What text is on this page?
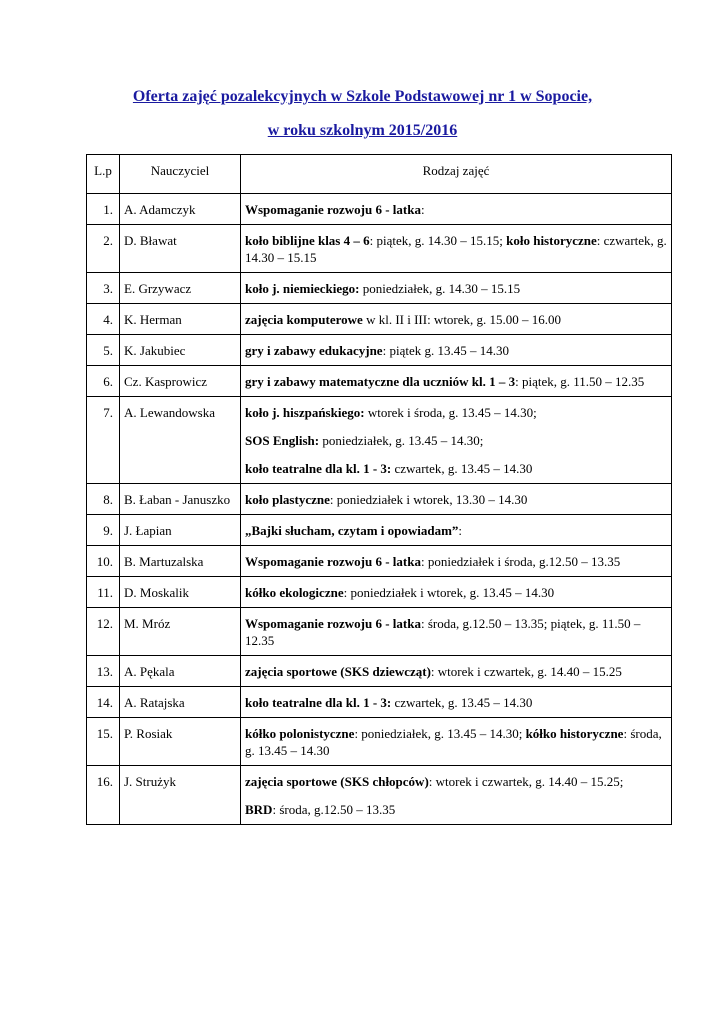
Oferta zajęć pozalekcyjnych w Szkole Podstawowej nr 1 w Sopocie,
w roku szkolnym 2015/2016
L.p	Nauczyciel	Rodzaj zajęć
1.	A. Adamczyk	Wspomaganie rozwoju 6 - latka:

2.	D. Bławat	koło biblijne klas 4 – 6: piątek, g. 14.30 – 15.15; koło historyczne: czwartek, g. 14.30 – 15.15

3.	E. Grzywacz	koło j. niemieckiego: poniedziałek, g. 14.30 – 15.15

4.	K. Herman	zajęcia komputerowe w kl. II i III: wtorek, g. 15.00 – 16.00

5.	K. Jakubiec	gry i zabawy edukacyjne: piątek g. 13.45 – 14.30

6.	Cz. Kasprowicz	gry i zabawy matematyczne dla uczniów kl. 1 – 3: piątek, g. 11.50 – 12.35

7.	A. Lewandowska	koło j. hiszpańskiego: wtorek i środa, g. 13.45 – 14.30;
SOS English: poniedziałek, g. 13.45 – 14.30;
koło teatralne dla kl. 1 - 3: czwartek, g. 13.45 – 14.30

8.	B. Łaban - Januszko	koło plastyczne: poniedziałek i wtorek, 13.30 – 14.30

9.	J. Łapian	„Bajki słucham, czytam i opowiadam”:

10.	B. Martuzalska	Wspomaganie rozwoju 6 - latka: poniedziałek i środa, g.12.50 – 13.35

11.	D. Moskalik	kółko ekologiczne: poniedziałek i wtorek, g. 13.45 – 14.30

12.	M. Mróz	Wspomaganie rozwoju 6 - latka: środa, g.12.50 – 13.35; piątek, g. 11.50 – 12.35

13.	A. Pękala	zajęcia sportowe (SKS dziewcząt): wtorek i czwartek, g. 14.40 – 15.25

14.	A. Ratajska	koło teatralne dla kl. 1 - 3: czwartek, g. 13.45 – 14.30

15.	P. Rosiak	kółko polonistyczne: poniedziałek, g. 13.45 – 14.30; kółko historyczne: środa, g. 13.45 – 14.30

16.	J. Strużyk	zajęcia sportowe (SKS chłopców): wtorek i czwartek, g. 14.40 – 15.25;
BRD: środa, g.12.50 – 13.35
